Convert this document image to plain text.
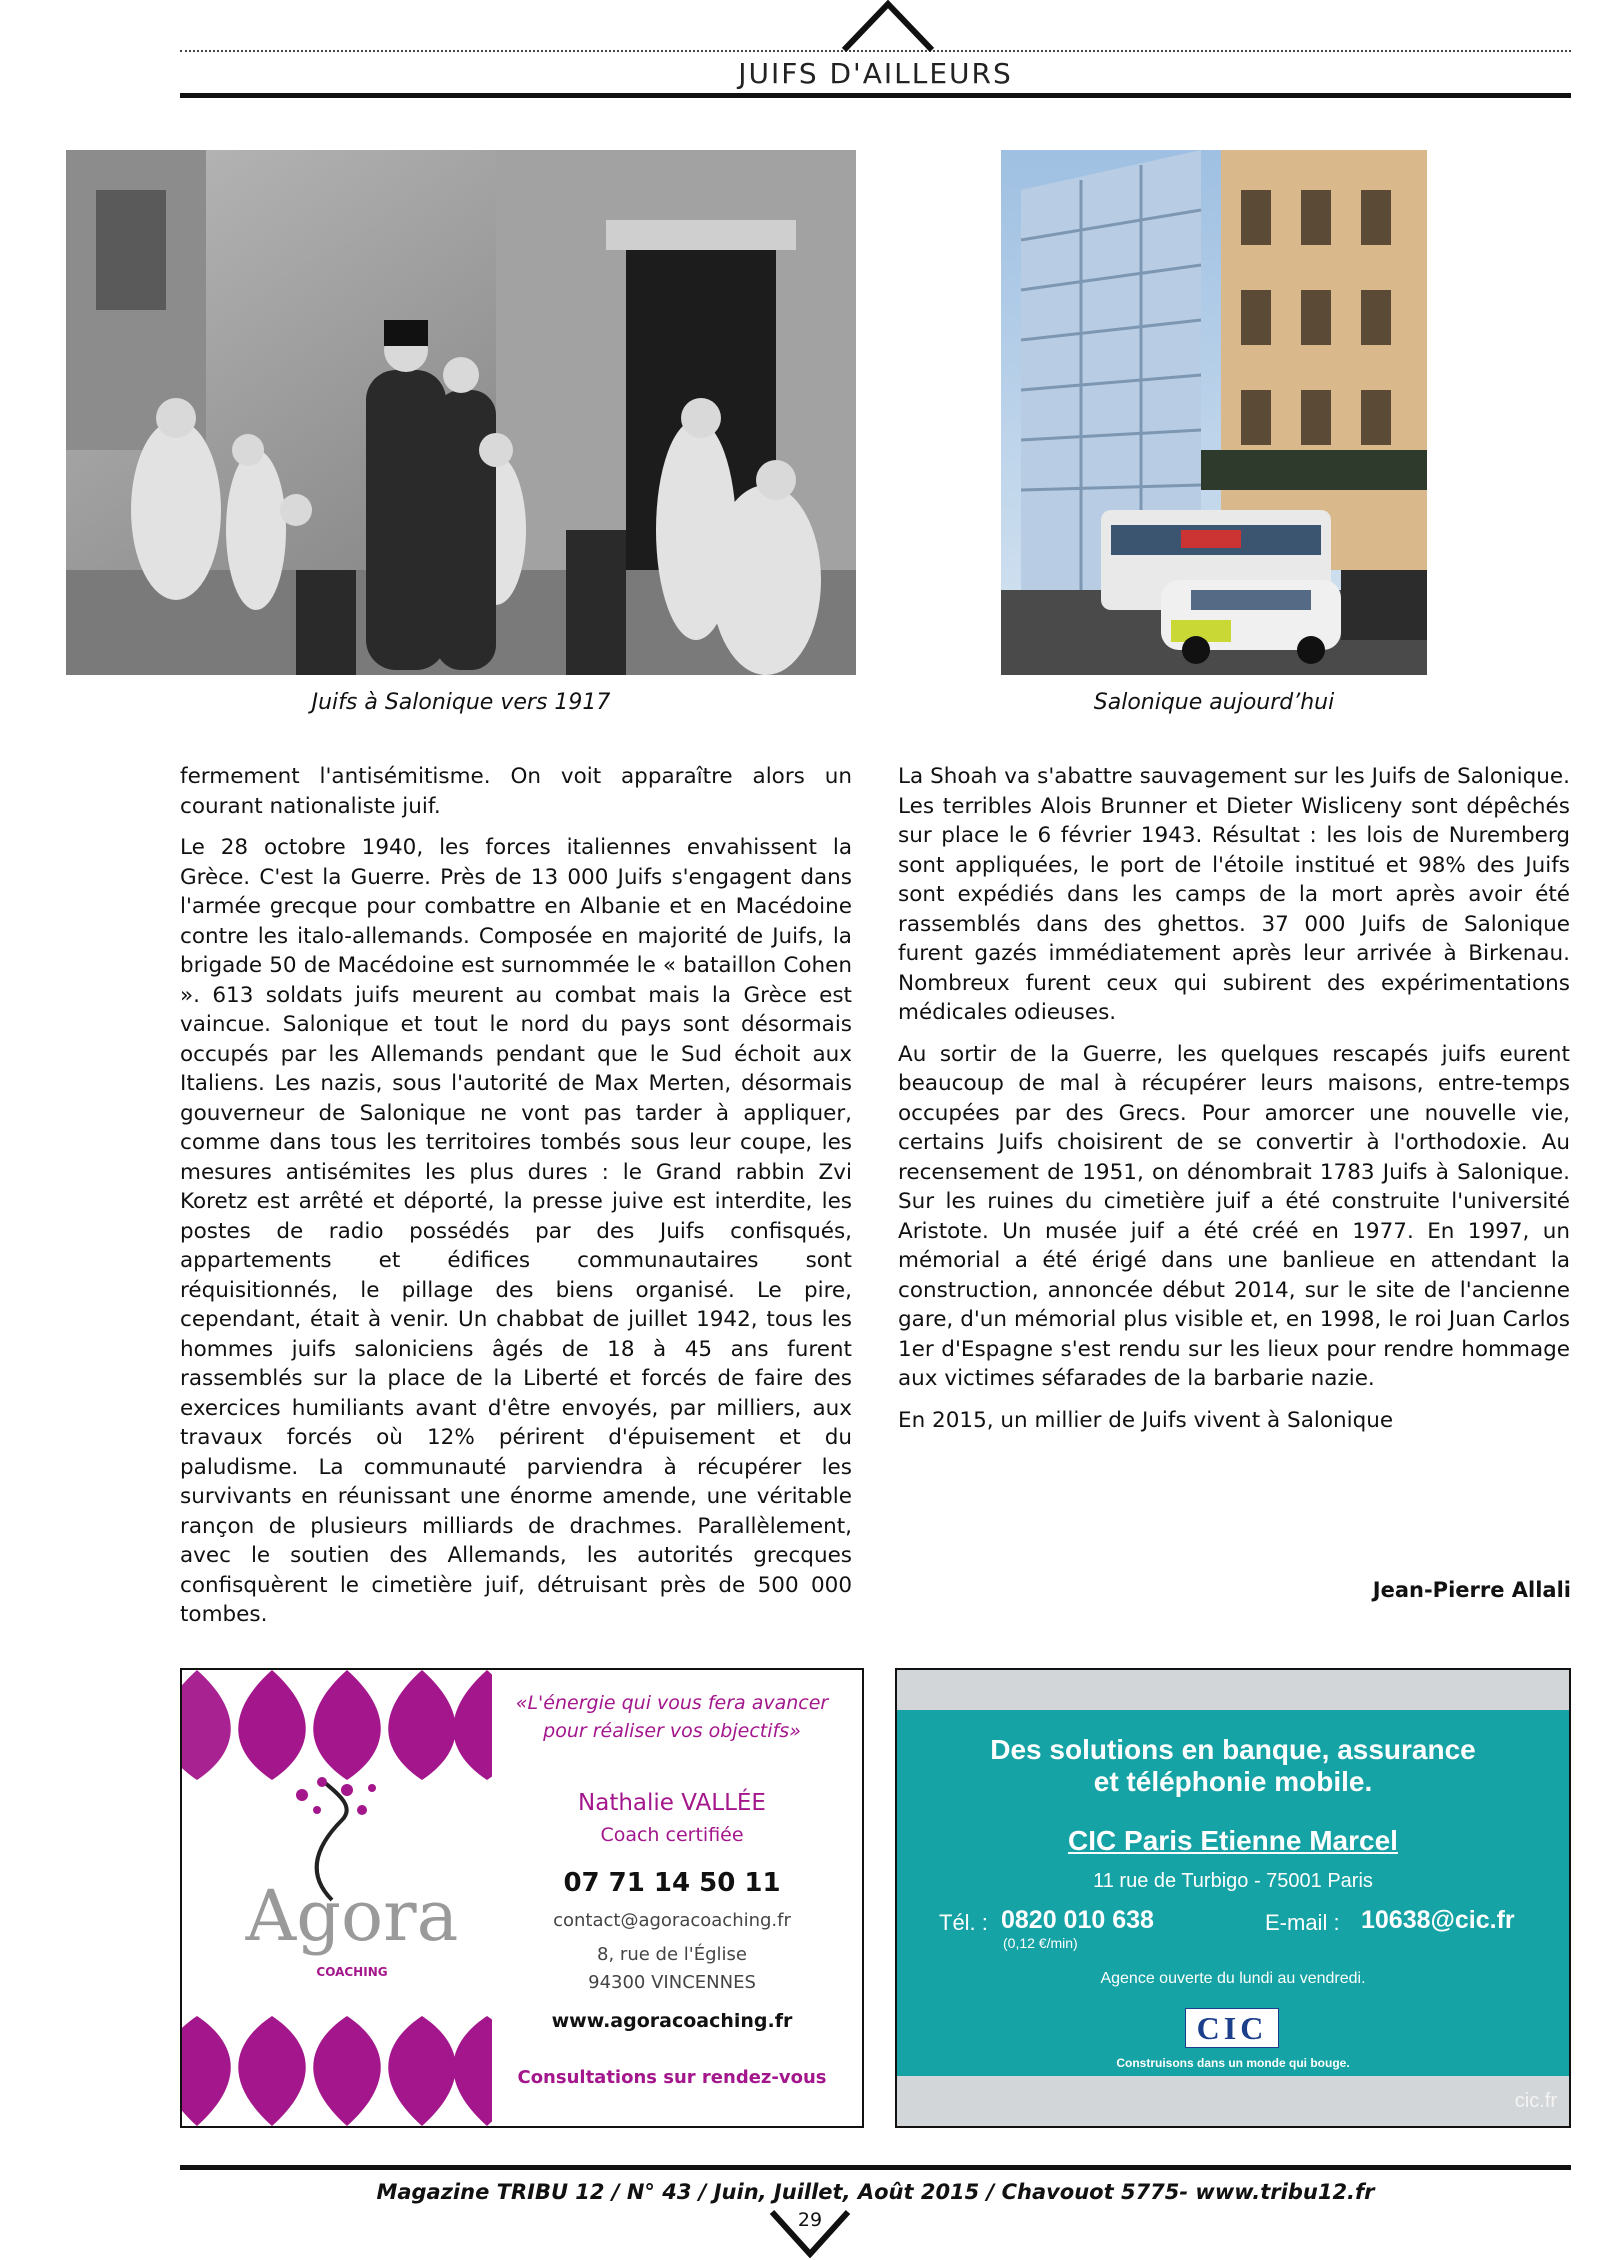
JUIFS D'AILLEURS
Juifs à Salonique vers 1917	Salonique aujourd’hui

fermement l'antisémitisme. On voit apparaître alors un courant nationaliste juif.

Le 28 octobre 1940, les forces italiennes envahissent la Grèce. C'est la Guerre. Près de 13 000 Juifs s'engagent dans l'armée grecque pour combattre en Albanie et en Macédoine contre les italo-allemands. Composée en majorité de Juifs, la brigade 50 de Macédoine est surnommée le « bataillon Cohen ». 613 soldats juifs meurent au combat mais la Grèce est vaincue. Salonique et tout le nord du pays sont désormais occupés par les Allemands pendant que le Sud échoit aux Italiens. Les nazis, sous l'autorité de Max Merten, désormais gouverneur de Salonique ne vont pas tarder à appliquer, comme dans tous les territoires tombés sous leur coupe, les mesures antisémites les plus dures : le Grand rabbin Zvi Koretz est arrêté et déporté, la presse juive est interdite, les postes de radio possédés par des Juifs confisqués, appartements et édifices communautaires sont réquisitionnés, le pillage des biens organisé. Le pire, cependant, était à venir. Un chabbat de juillet 1942, tous les hommes juifs saloniciens âgés de 18 à 45 ans furent rassemblés sur la place de la Liberté et forcés de faire des exercices humiliants avant d'être envoyés, par milliers, aux travaux forcés où 12% périrent d'épuisement et du paludisme. La communauté parviendra à récupérer les survivants en réunissant une énorme amende, une véritable rançon de plusieurs milliards de drachmes. Parallèlement, avec le soutien des Allemands, les autorités grecques confisquèrent le cimetière juif, détruisant près de 500 000 tombes.

La Shoah va s'abattre sauvagement sur les Juifs de Salonique. Les terribles Alois Brunner et Dieter Wisliceny sont dépêchés sur place le 6 février 1943. Résultat : les lois de Nuremberg sont appliquées, le port de l'étoile institué et 98% des Juifs sont expédiés dans les camps de la mort après avoir été rassemblés dans des ghettos. 37 000 Juifs de Salonique furent gazés immédiatement après leur arrivée à Birkenau. Nombreux furent ceux qui subirent des expérimentations médicales odieuses.

Au sortir de la Guerre, les quelques rescapés juifs eurent beaucoup de mal à récupérer leurs maisons, entre-temps occupées par des Grecs. Pour amorcer une nouvelle vie, certains Juifs choisirent de se convertir à l'orthodoxie. Au recensement de 1951, on dénombrait 1783 Juifs à Salonique. Sur les ruines du cimetière juif a été construite l'université Aristote. Un musée juif a été créé en 1977. En 1997, un mémorial a été érigé dans une banlieue en attendant la construction, annoncée début 2014, sur le site de l'ancienne gare, d'un mémorial plus visible et, en 1998, le roi Juan Carlos 1er d'Espagne s'est rendu sur les lieux pour rendre hommage aux victimes séfarades de la barbarie nazie.

En 2015, un millier de Juifs vivent à Salonique

Jean-Pierre Allali
Agora
COACHING
«L'énergie qui vous fera avancer
pour réaliser vos objectifs»
Nathalie VALLÉE
Coach certifiée
07 71 14 50 11
contact@agoracoaching.fr
8, rue de l'Église
94300 VINCENNES
www.agoracoaching.fr
Consultations sur rendez-vous
Des solutions en banque, assurance
et téléphonie mobile.
CIC Paris Etienne Marcel
11 rue de Turbigo - 75001 Paris
Tél. : 0820 010 638
(0,12 €/min)
E-mail : 10638@cic.fr
Agence ouverte du lundi au vendredi.
CIC
Construisons dans un monde qui bouge.
cic.fr
Magazine TRIBU 12 / N° 43 / Juin, Juillet, Août 2015 / Chavouot 5775- www.tribu12.fr
29
